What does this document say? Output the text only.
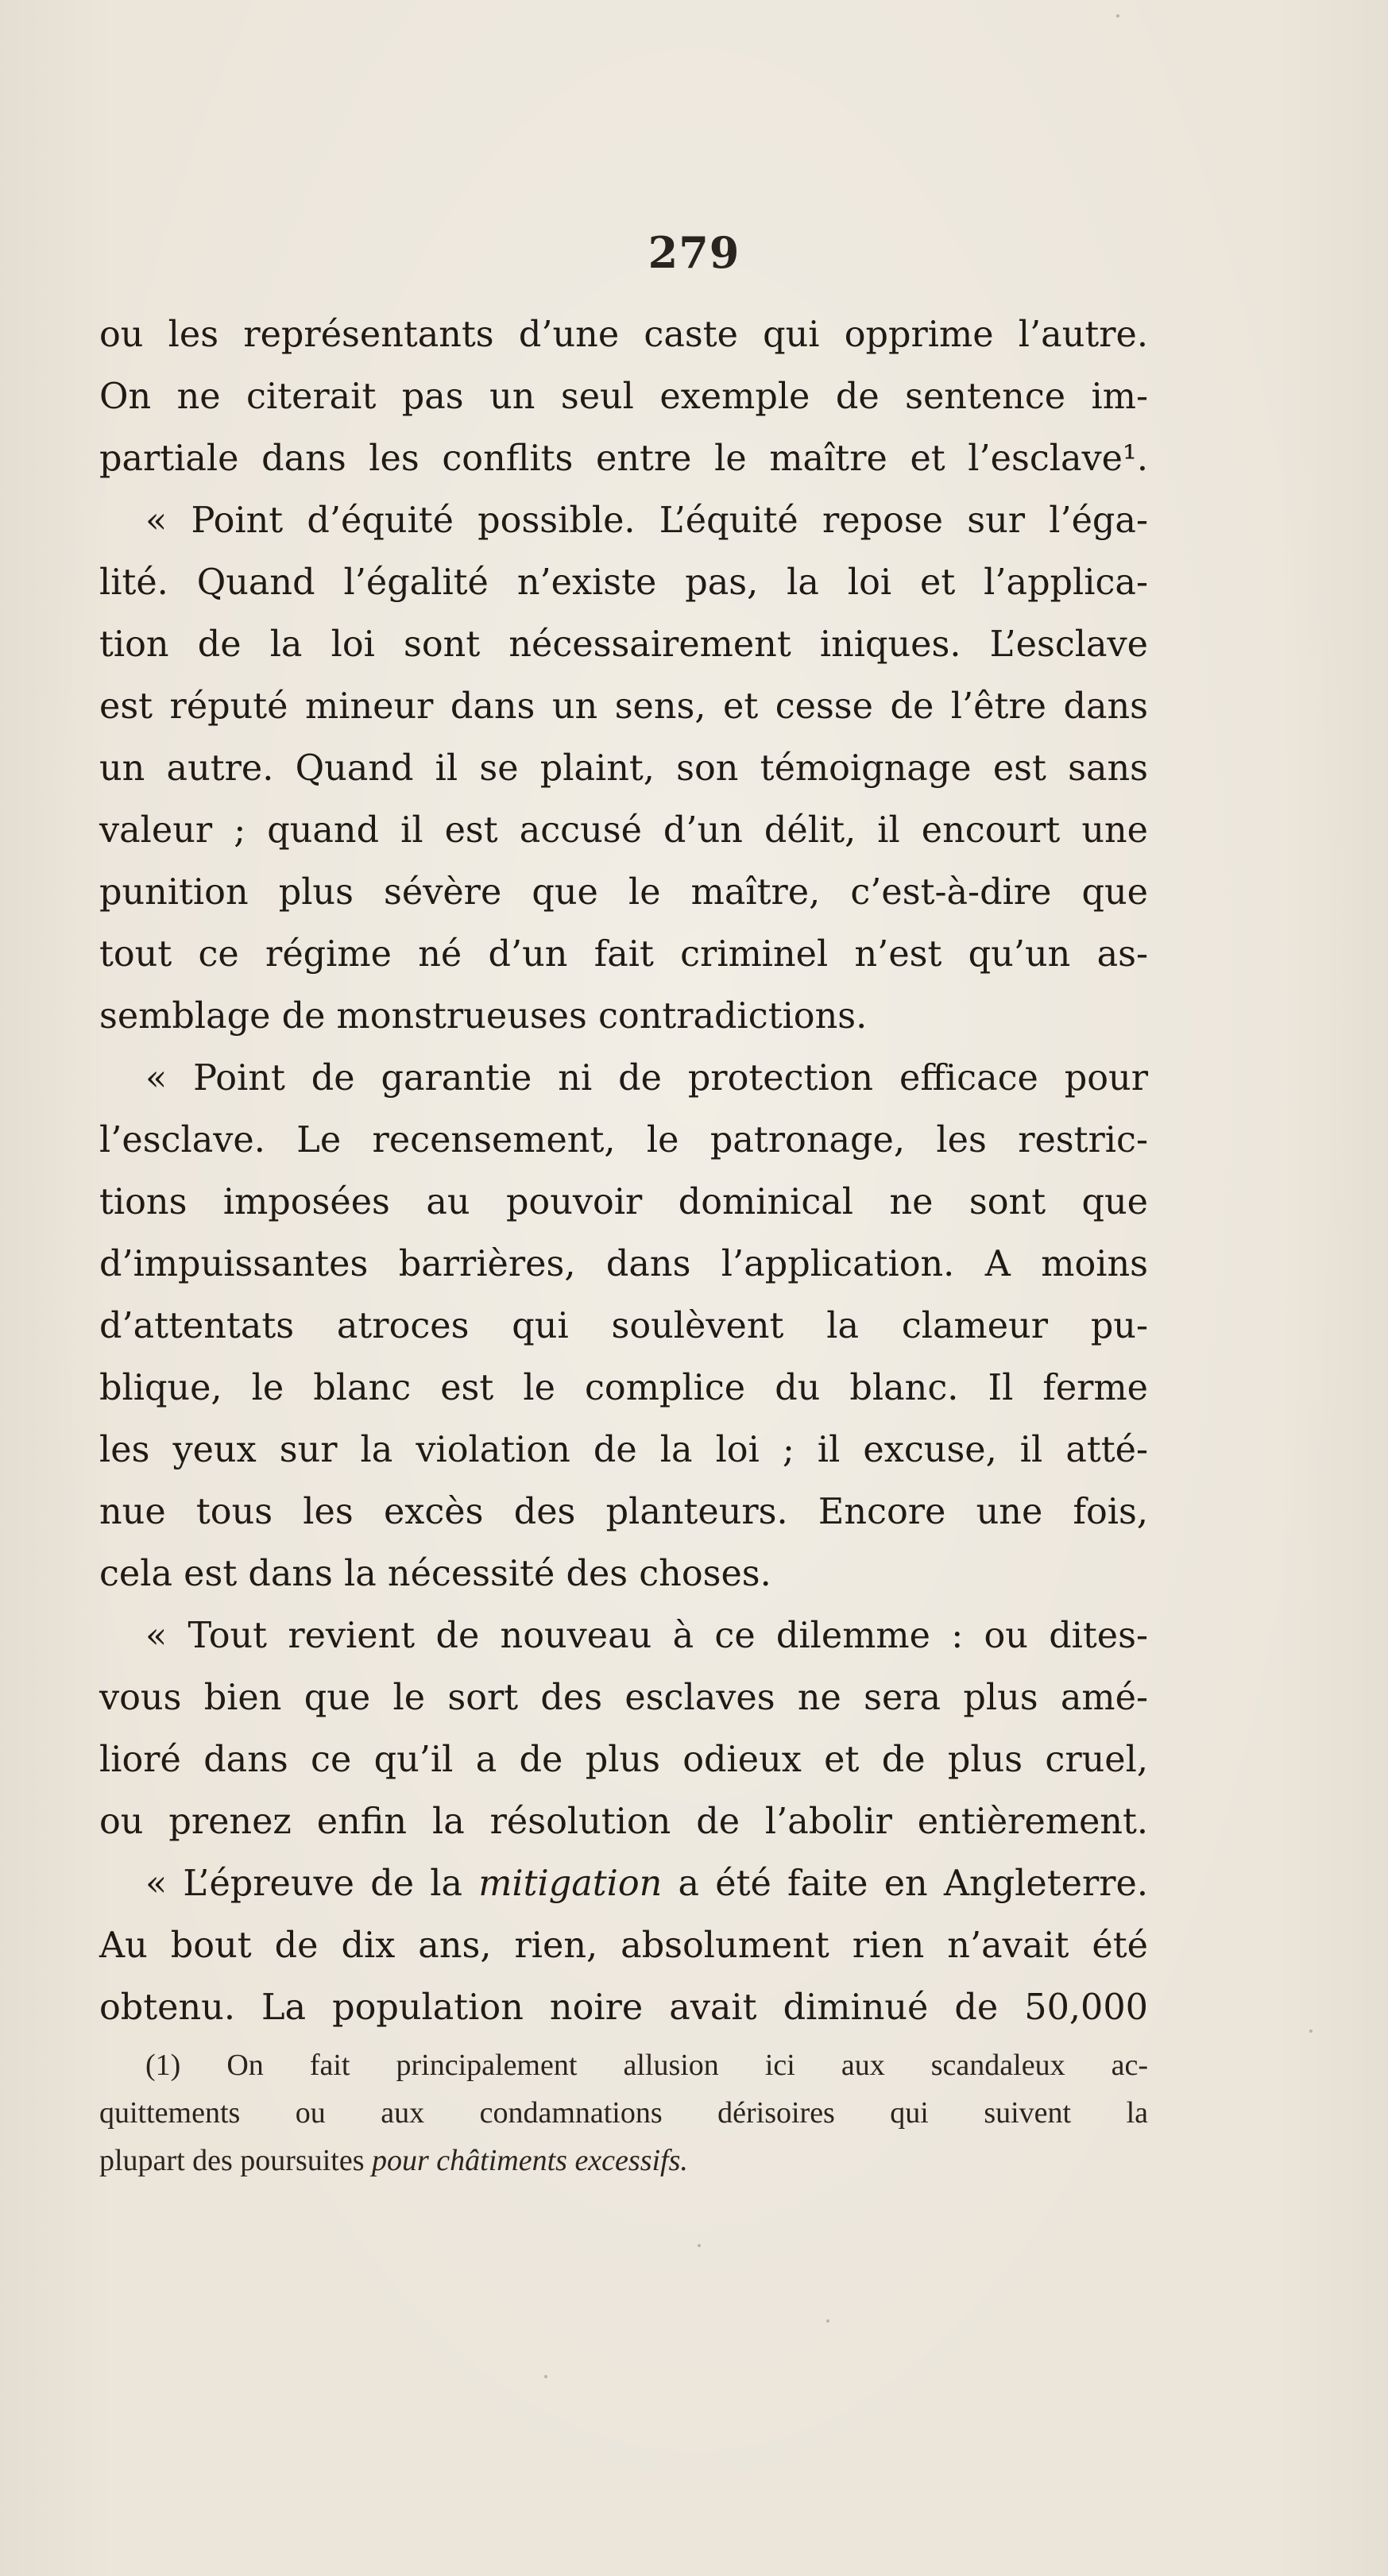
279
ou les représentants d’une caste qui opprime l’autre.
On ne citerait pas un seul exemple de sentence im-
partiale dans les conflits entre le maître et l’esclave¹.
« Point d’équité possible. L’équité repose sur l’éga-
lité. Quand l’égalité n’existe pas, la loi et l’applica-
tion de la loi sont nécessairement iniques. L’esclave
est réputé mineur dans un sens, et cesse de l’être dans
un autre. Quand il se plaint, son témoignage est sans
valeur ; quand il est accusé d’un délit, il encourt une
punition plus sévère que le maître, c’est-à-dire que
tout ce régime né d’un fait criminel n’est qu’un as-
semblage de monstrueuses contradictions.
« Point de garantie ni de protection efficace pour
l’esclave. Le recensement, le patronage, les restric-
tions imposées au pouvoir dominical ne sont que
d’impuissantes barrières, dans l’application. A moins
d’attentats atroces qui soulèvent la clameur pu-
blique, le blanc est le complice du blanc. Il ferme
les yeux sur la violation de la loi ; il excuse, il atté-
nue tous les excès des planteurs. Encore une fois,
cela est dans la nécessité des choses.
« Tout revient de nouveau à ce dilemme : ou dites-
vous bien que le sort des esclaves ne sera plus amé-
lioré dans ce qu’il a de plus odieux et de plus cruel,
ou prenez enfin la résolution de l’abolir entièrement.
« L’épreuve de la mitigation a été faite en Angleterre.
Au bout de dix ans, rien, absolument rien n’avait été
obtenu. La population noire avait diminué de 50,000
(1) On fait principalement allusion ici aux scandaleux ac-
quittements ou aux condamnations dérisoires qui suivent la
plupart des poursuites pour châtiments excessifs.
